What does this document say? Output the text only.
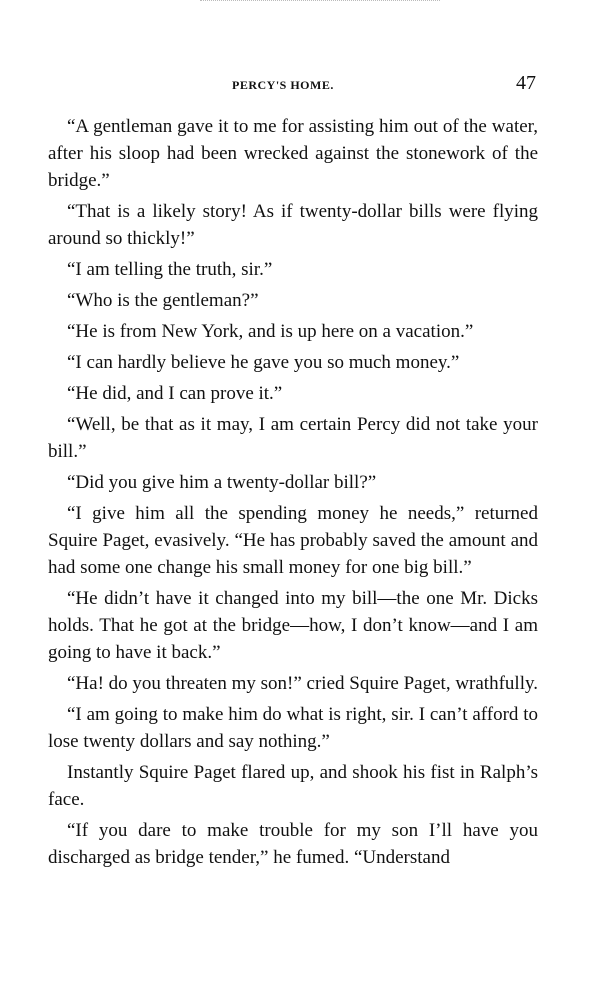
PERCY'S HOME.	47

“A gentleman gave it to me for assisting him out of the water, after his sloop had been wrecked against the stonework of the bridge.”

“That is a likely story! As if twenty-dollar bills were flying around so thickly!”

“I am telling the truth, sir.”

“Who is the gentleman?”

“He is from New York, and is up here on a vacation.”

“I can hardly believe he gave you so much money.”

“He did, and I can prove it.”

“Well, be that as it may, I am certain Percy did not take your bill.”

“Did you give him a twenty-dollar bill?”

“I give him all the spending money he needs,” returned Squire Paget, evasively. “He has probably saved the amount and had some one change his small money for one big bill.”

“He didn’t have it changed into my bill—the one Mr. Dicks holds. That he got at the bridge—how, I don’t know—and I am going to have it back.”

“Ha! do you threaten my son!” cried Squire Paget, wrathfully.

“I am going to make him do what is right, sir. I can’t afford to lose twenty dollars and say nothing.”

Instantly Squire Paget flared up, and shook his fist in Ralph’s face.

“If you dare to make trouble for my son I’ll have you discharged as bridge tender,” he fumed. “Understand
